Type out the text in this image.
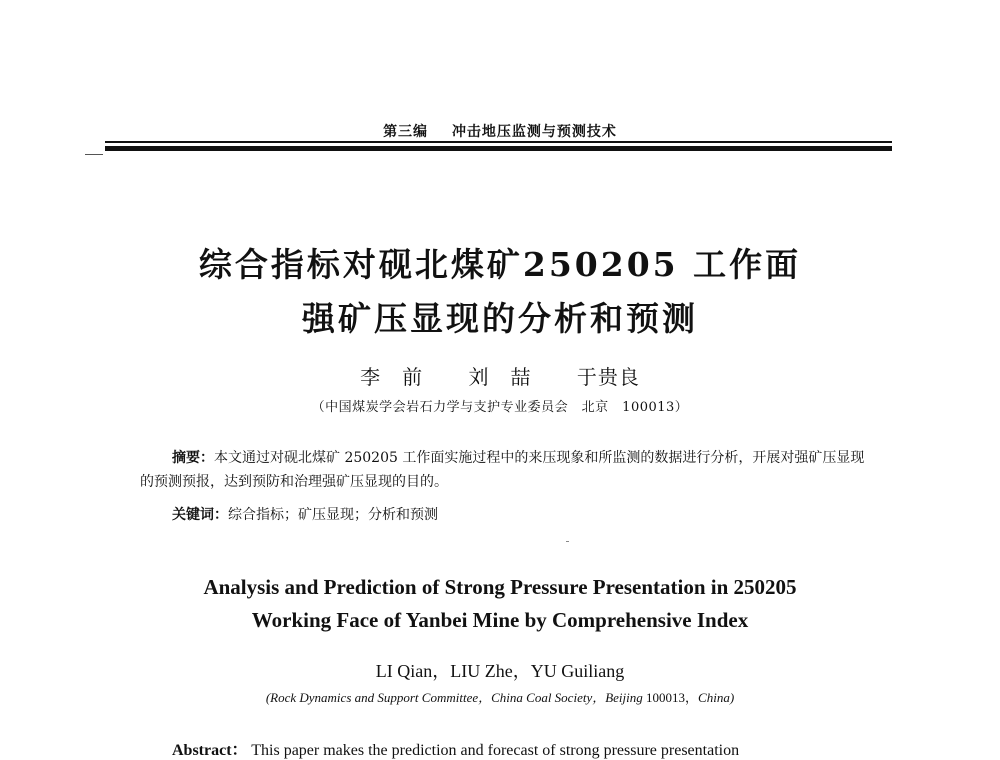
第三编 冲击地压监测与预测技术
综合指标对砚北煤矿250205 工作面
强矿压显现的分析和预测
李　前 刘　喆 于贵良
（中国煤炭学会岩石力学与支护专业委员会　北京　100013）
摘要：本文通过对砚北煤矿 250205 工作面实施过程中的来压现象和所监测的数据进行分析，开展对强矿压显现的预测预报，达到预防和治理强矿压显现的目的。
关键词：综合指标；矿压显现；分析和预测
Analysis and Prediction of Strong Pressure Presentation in 250205
Working Face of Yanbei Mine by Comprehensive Index
LI Qian，LIU Zhe，YU Guiliang
(Rock Dynamics and Support Committee，China Coal Society，Beijing 100013，China)
Abstract： This paper makes the prediction and forecast of strong pressure presentation
